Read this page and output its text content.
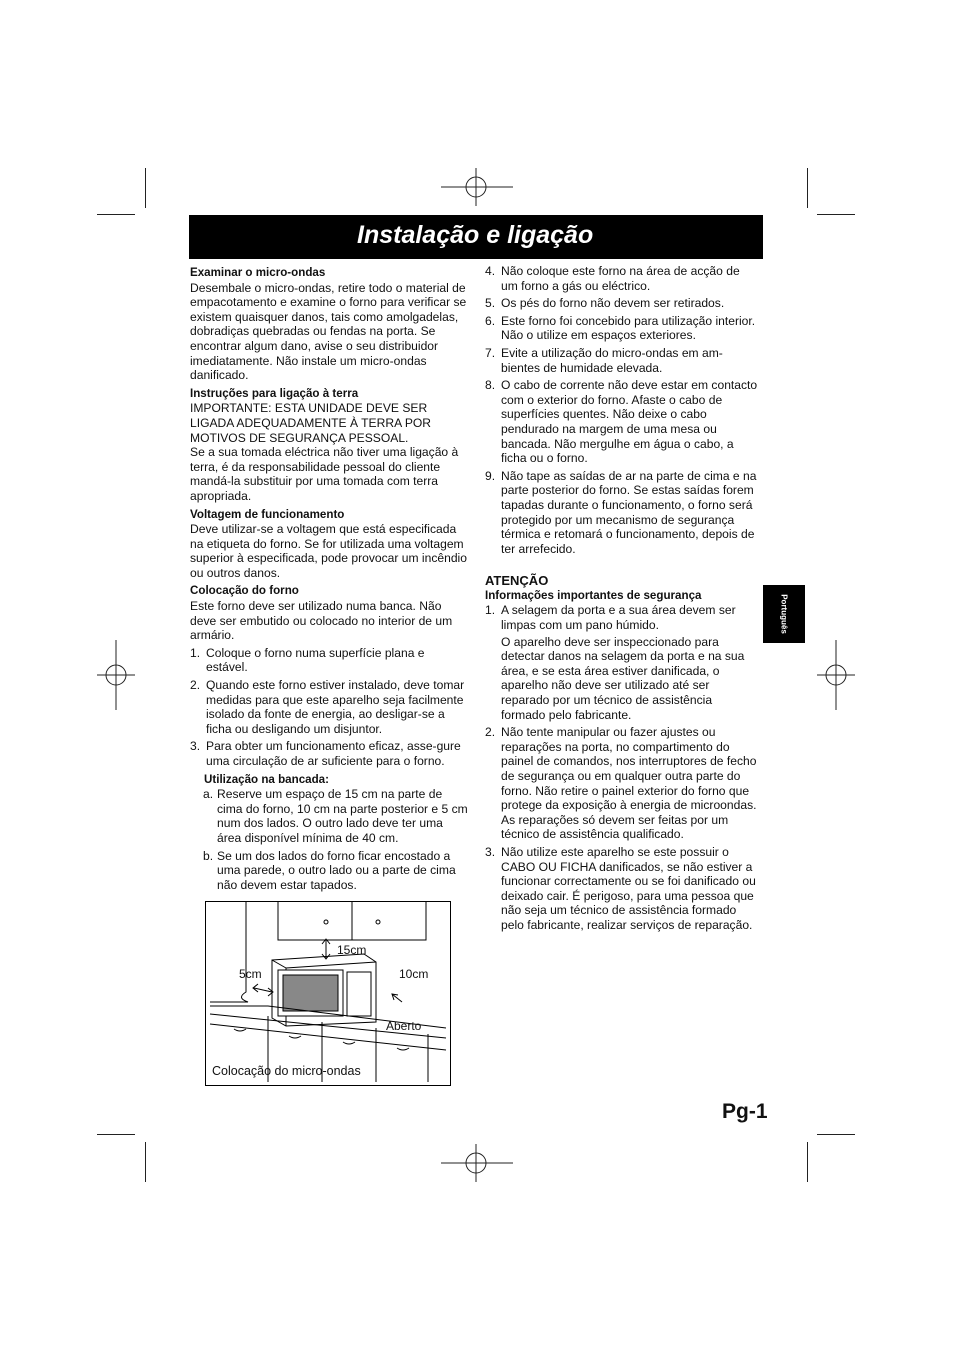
Instalação e ligação

Examinar o micro-ondas

Desembale o micro-ondas, retire todo o material de empacotamento e examine o forno para verificar se existem quaisquer danos, tais como amolgadelas, dobradiças quebradas ou fendas na porta. Se encontrar algum dano, avise o seu distribuidor imediatamente. Não instale um micro-ondas danificado.

Instruções para ligação à terra

IMPORTANTE: ESTA UNIDADE DEVE SER LIGADA ADEQUADAMENTE À TERRA POR MOTIVOS DE SEGURANÇA PESSOAL.

Se a sua tomada eléctrica não tiver uma ligação à terra, é da responsabilidade pessoal do cliente mandá-la substituir por uma tomada com terra apropriada.

Voltagem de funcionamento

Deve utilizar-se a voltagem que está especificada na etiqueta do forno. Se for utilizada uma voltagem superior à especificada, pode provocar um incêndio ou outros danos.

Colocação do forno

Este forno deve ser utilizado numa banca. Não deve ser embutido ou colocado no interior de um armário.

1. Coloque o forno numa superfície plana e estável.
2. Quando este forno estiver instalado, deve tomar medidas para que este aparelho seja facilmente isolado da fonte de energia, ao desligar-se a ficha ou desligando um disjuntor.
3. Para obter um funcionamento eficaz, asse-gure uma circulação de ar suficiente para o forno.

Utilização na bancada:

a. Reserve um espaço de 15 cm na parte de cima do forno, 10 cm na parte posterior e 5 cm num dos lados. O outro lado deve ter uma área disponível mínima de 40 cm.
b. Se um dos lados do forno ficar encostado a uma parede, o outro lado ou a parte de cima não devem estar tapados.
15cm
5cm	10cm
Aberto
Colocação do micro-ondas
4. Não coloque este forno na área de acção de um forno a gás ou eléctrico.
5. Os pés do forno não devem ser retirados.
6. Este forno foi concebido para utilização interior. Não o utilize em espaços exteriores.
7. Evite a utilização do micro-ondas em am-bientes de humidade elevada.
8. O cabo de corrente não deve estar em contacto com o exterior do forno. Afaste o cabo de superfícies quentes. Não deixe o cabo pendurado na margem de uma mesa ou bancada. Não mergulhe em água o cabo, a ficha ou o forno.
9. Não tape as saídas de ar na parte de cima e na parte posterior do forno. Se estas saídas forem tapadas durante o funcionamento, o forno será protegido por um mecanismo de segurança térmica e retomará o funcionamento, depois de ter arrefecido.

ATENÇÃO

Informações importantes de segurança

1. A selagem da porta e a sua área devem ser limpas com um pano húmido.

O aparelho deve ser inspeccionado para detectar danos na selagem da porta e na sua área, e se esta área estiver danificada, o aparelho não deve ser utilizado até ser reparado por um técnico de assistência formado pelo fabricante.
2. Não tente manipular ou fazer ajustes ou reparações na porta, no compartimento do painel de comandos, nos interruptores de fecho de segurança ou em qualquer outra parte do forno. Não retire o painel exterior do forno que protege da exposição à energia de microondas. As reparações só devem ser feitas por um técnico de assistência qualificado.
3. Não utilize este aparelho se este possuir o CABO OU FICHA danificados, se não estiver a funcionar correctamente ou se foi danificado ou deixado cair. É perigoso, para uma pessoa que não seja um técnico de assistência formado pelo fabricante, realizar serviços de reparação.
Português
Pg-1
